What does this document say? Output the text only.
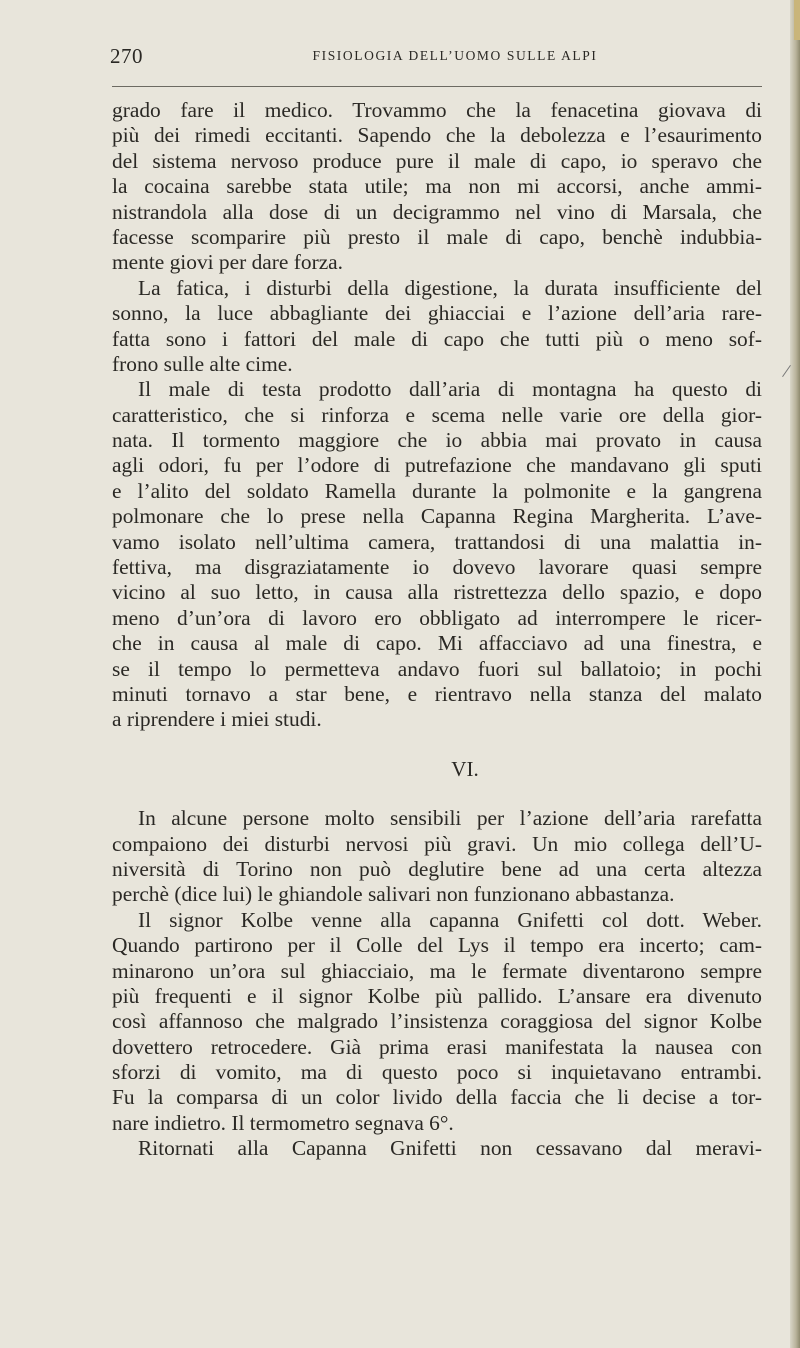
270	FISIOLOGIA DELL’UOMO SULLE ALPI
grado fare il medico. Trovammo che la fenacetina giovava di
più dei rimedi eccitanti. Sapendo che la debolezza e l’esaurimento
del sistema nervoso produce pure il male di capo, io speravo che
la cocaina sarebbe stata utile; ma non mi accorsi, anche ammi-
nistrandola alla dose di un decigrammo nel vino di Marsala, che
facesse scomparire più presto il male di capo, benchè indubbia-
mente giovi per dare forza.
La fatica, i disturbi della digestione, la durata insufficiente del
sonno, la luce abbagliante dei ghiacciai e l’azione dell’aria rare-
fatta sono i fattori del male di capo che tutti più o meno sof-
frono sulle alte cime.
Il male di testa prodotto dall’aria di montagna ha questo di
caratteristico, che si rinforza e scema nelle varie ore della gior-
nata. Il tormento maggiore che io abbia mai provato in causa
agli odori, fu per l’odore di putrefazione che mandavano gli sputi
e l’alito del soldato Ramella durante la polmonite e la gangrena
polmonare che lo prese nella Capanna Regina Margherita. L’ave-
vamo isolato nell’ultima camera, trattandosi di una malattia in-
fettiva, ma disgraziatamente io dovevo lavorare quasi sempre
vicino al suo letto, in causa alla ristrettezza dello spazio, e dopo
meno d’un’ora di lavoro ero obbligato ad interrompere le ricer-
che in causa al male di capo. Mi affacciavo ad una finestra, e
se il tempo lo permetteva andavo fuori sul ballatoio; in pochi
minuti tornavo a star bene, e rientravo nella stanza del malato
a riprendere i miei studi.
VI.
In alcune persone molto sensibili per l’azione dell’aria rarefatta
compaiono dei disturbi nervosi più gravi. Un mio collega dell’U-
niversità di Torino non può deglutire bene ad una certa altezza
perchè (dice lui) le ghiandole salivari non funzionano abbastanza.
Il signor Kolbe venne alla capanna Gnifetti col dott. Weber.
Quando partirono per il Colle del Lys il tempo era incerto; cam-
minarono un’ora sul ghiacciaio, ma le fermate diventarono sempre
più frequenti e il signor Kolbe più pallido. L’ansare era divenuto
così affannoso che malgrado l’insistenza coraggiosa del signor Kolbe
dovettero retrocedere. Già prima erasi manifestata la nausea con
sforzi di vomito, ma di questo poco si inquietavano entrambi.
Fu la comparsa di un color livido della faccia che li decise a tor-
nare indietro. Il termometro segnava 6°.
Ritornati alla Capanna Gnifetti non cessavano dal meravi-
